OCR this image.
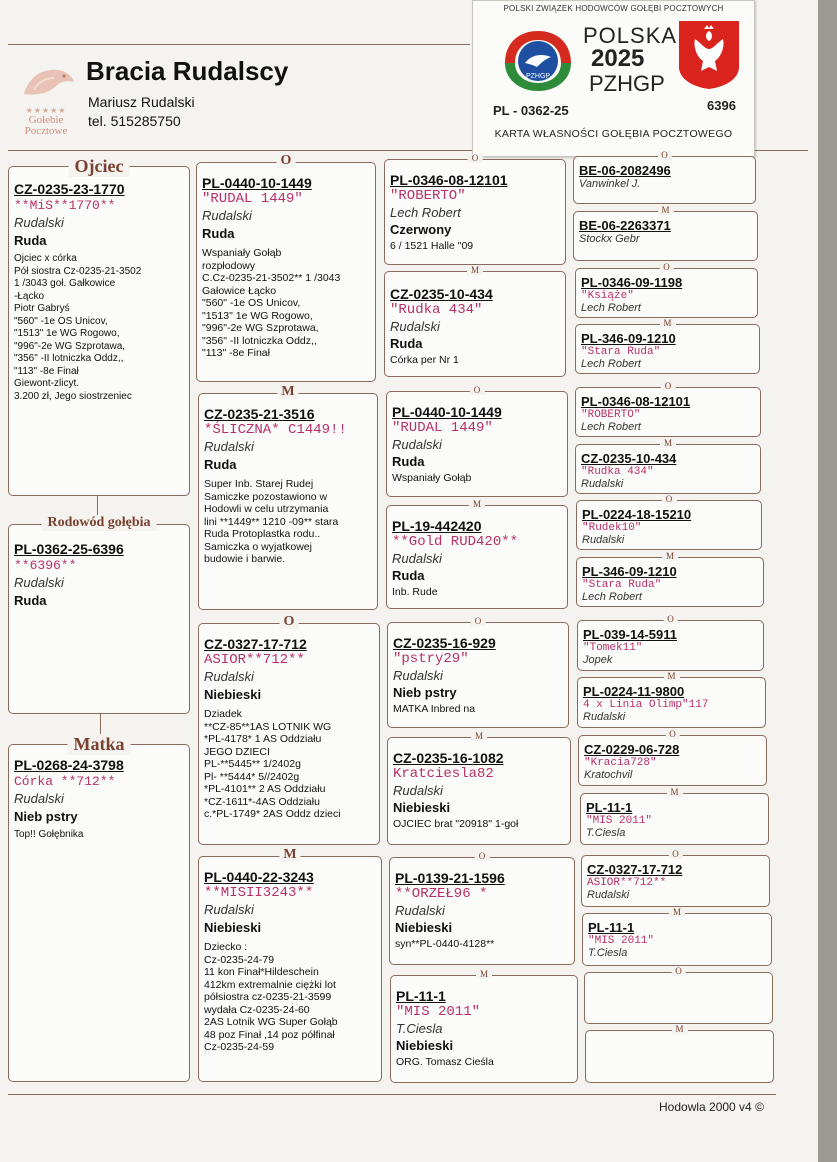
★★★★★
Gołebie Pocztowe
Bracia Rudalscy
Mariusz Rudalski
tel. 515285750
POLSKI ZWIĄZEK HODOWCÓW GOŁĘBI POCZTOWYCH
PZHGP
POLSKA
2025
PZHGP
PL - 0362-25	6396
KARTA WŁASNOŚCI GOŁĘBIA POCZTOWEGO
Ojciec
CZ-0235-23-1770
**MiS**1770**
Rudalski
Ruda
Ojciec x córka
Pół siostra Cz-0235-21-3502
1 /3043 goł. Gałkowice
-Łącko
Piotr Gabryś
"560" -1e OS Unicov,
"1513" 1e WG Rogowo,
"996"-2e WG Szprotawa,
"356" -II lotniczka Oddz,,
"113" -8e Finał
Giewont-zlicyt.
3.200 zł, Jego siostrzeniec
Rodowód gołębia
PL-0362-25-6396
**6396**
Rudalski
Ruda
Matka
PL-0268-24-3798
Córka **712**
Rudalski
Nieb pstry
Top!! Gołębnika
O
PL-0440-10-1449
"RUDAL 1449"
Rudalski
Ruda
Wspaniały Gołąb
rozpłodowy
C.Cz-0235-21-3502** 1 /3043
Gałowice Łącko
"560" -1e OS Unicov,
"1513" 1e WG Rogowo,
"996"-2e WG Szprotawa,
"356" -II lotniczka Oddz,,
"113" -8e Finał
M
CZ-0235-21-3516
*ŚLICZNA* C1449!!
Rudalski
Ruda
Super Inb. Starej Rudej
Samiczke pozostawiono w
Hodowli w celu utrzymania
lini **1449** 1210 -09** stara
Ruda Protoplastka rodu..
Samiczka o wyjatkowej
budowie i barwie.
O
CZ-0327-17-712
ASIOR**712**
Rudalski
Niebieski
Dziadek
**CZ-85**1AS LOTNIK WG
*PL-4178* 1 AS Oddziału
JEGO DZIECI
PL-**5445** 1/2402g
Pl- **5444* 5//2402g
*PL-4101** 2 AS Oddziału
*CZ-1611*-4AS Oddziału
c.*PL-1749* 2AS Oddz dzieci
M
PL-0440-22-3243
**MISII3243**
Rudalski
Niebieski
Dziecko :
Cz-0235-24-79
11 kon Finał*Hildeschein
412km extremalnie ciężki lot
półsiostra cz-0235-21-3599
wydała Cz-0235-24-60
2AS Lotnik WG Super Gołąb
48 poz Finał ,14 poz półfinał
Cz-0235-24-59
O
PL-0346-08-12101
"ROBERTO"
Lech Robert
Czerwony
6 / 1521 Halle "09
M
CZ-0235-10-434
"Rudka 434"
Rudalski
Ruda
Córka per Nr 1
O
PL-0440-10-1449
"RUDAL 1449"
Rudalski
Ruda
Wspaniały Gołąb
M
PL-19-442420
**Gold RUD420**
Rudalski
Ruda
Inb. Rude
O
CZ-0235-16-929
"pstry29"
Rudalski
Nieb pstry
MATKA Inbred na
M
CZ-0235-16-1082
Kratciesla82
Rudalski
Niebieski
OJCIEC brat "20918" 1-goł
O
PL-0139-21-1596
**ORZEŁ96 *
Rudalski
Niebieski
syn**PL-0440-4128**
M
PL-11-1
"MIS 2011"
T.Ciesla
Niebieski
ORG. Tomasz Cieśla
O
BE-06-2082496
Vanwinkel J.
M
BE-06-2263371
Stockx Gebr
O
PL-0346-09-1198
"Książe"
Lech Robert
M
PL-346-09-1210
"Stara Ruda"
Lech Robert
O
PL-0346-08-12101
"ROBERTO"
Lech Robert
M
CZ-0235-10-434
"Rudka 434"
Rudalski
O
PL-0224-18-15210
"Rudek10"
Rudalski
M
PL-346-09-1210
"Stara Ruda"
Lech Robert
O
PL-039-14-5911
"Tomek11"
Jopek
M
PL-0224-11-9800
4 x Linia Olimp"117
Rudalski
O
CZ-0229-06-728
"Kracia728"
Kratochvil
M
PL-11-1
"MIS 2011"
T.Ciesla
O
CZ-0327-17-712
ASIOR**712**
Rudalski
M
PL-11-1
"MIS 2011"
T.Ciesla
O
M
Hodowla 2000 v4 ©
